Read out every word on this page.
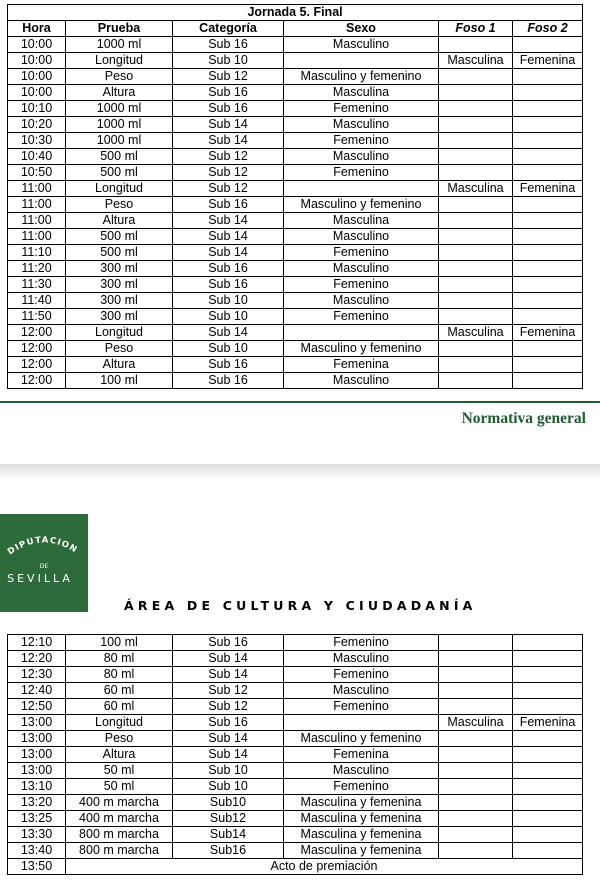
Jornada 5. Final					
Hora	Prueba	Categoría	Sexo	Foso 1	Foso 2
10:00	1000 ml	Sub 16	Masculino		
10:00	Longitud	Sub 10		Masculina	Femenina
10:00	Peso	Sub 12	Masculino y femenino		
10:00	Altura	Sub 16	Masculina		
10:10	1000 ml	Sub 16	Femenino		
10:20	1000 ml	Sub 14	Masculino		
10:30	1000 ml	Sub 14	Femenino		
10:40	500 ml	Sub 12	Masculino		
10:50	500 ml	Sub 12	Femenino		
11:00	Longitud	Sub 12		Masculina	Femenina
11:00	Peso	Sub 16	Masculino y femenino		
11:00	Altura	Sub 14	Masculina		
11:00	500 ml	Sub 14	Masculino		
11:10	500 ml	Sub 14	Femenino		
11:20	300 ml	Sub 16	Masculino		
11:30	300 ml	Sub 16	Femenino		
11:40	300 ml	Sub 10	Masculino		
11:50	300 ml	Sub 10	Femenino		
12:00	Longitud	Sub 14		Masculina	Femenina
12:00	Peso	Sub 10	Masculino y femenino		
12:00	Altura	Sub 16	Femenina		
12:00	100 ml	Sub 16	Masculino		
Normativa general
DIPUTACION
DE
SEVILLA
ÁREA DE CULTURA Y CIUDADANÍA
12:10	100 ml	Sub 16	Femenino		
12:20	80 ml	Sub 14	Masculino		
12:30	80 ml	Sub 14	Femenino		
12:40	60 ml	Sub 12	Masculino		
12:50	60 ml	Sub 12	Femenino		
13:00	Longitud	Sub 16		Masculina	Femenina
13:00	Peso	Sub 14	Masculino y femenino		
13:00	Altura	Sub 14	Femenina		
13:00	50 ml	Sub 10	Masculino		
13:10	50 ml	Sub 10	Femenino		
13:20	400 m marcha	Sub10	Masculina y femenina		
13:25	400 m marcha	Sub12	Masculina y femenina		
13:30	800 m marcha	Sub14	Masculina y femenina		
13:40	800 m marcha	Sub16	Masculina y femenina		
13:50	Acto de premiación				
